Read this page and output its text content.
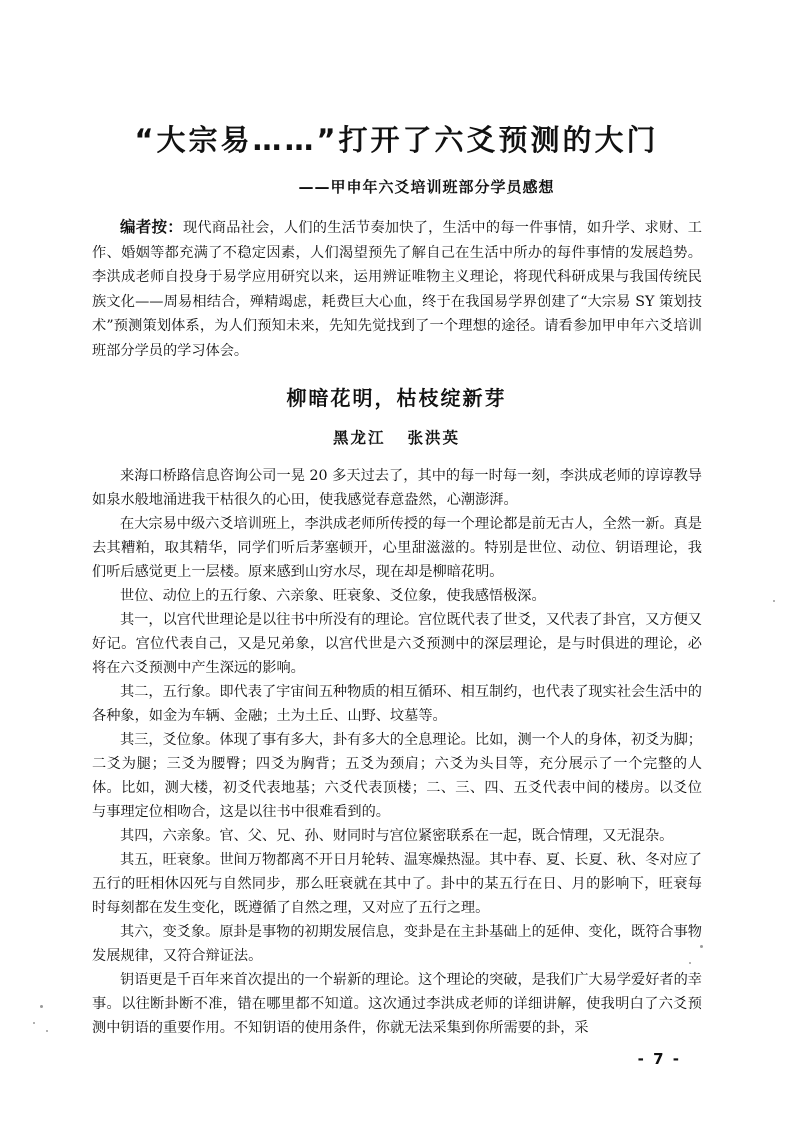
“大宗易……”打开了六爻预测的大门
——甲申年六爻培训班部分学员感想
编者按：现代商品社会，人们的生活节奏加快了，生活中的每一件事情，如升学、求财、工作、婚姻等都充满了不稳定因素，人们渴望预先了解自己在生活中所办的每件事情的发展趋势。李洪成老师自投身于易学应用研究以来，运用辨证唯物主义理论，将现代科研成果与我国传统民族文化——周易相结合，殚精竭虑，耗费巨大心血，终于在我国易学界创建了“大宗易 SY 策划技术”预测策划体系，为人们预知未来，先知先觉找到了一个理想的途径。请看参加甲申年六爻培训班部分学员的学习体会。
柳暗花明，枯枝绽新芽
黑龙江 张洪英

来海口桥路信息咨询公司一晃 20 多天过去了，其中的每一时每一刻，李洪成老师的谆谆教导如泉水般地涌进我干枯很久的心田，使我感觉春意盎然，心潮澎湃。

在大宗易中级六爻培训班上，李洪成老师所传授的每一个理论都是前无古人，全然一新。真是去其糟粕，取其精华，同学们听后茅塞顿开，心里甜滋滋的。特别是世位、动位、钥语理论，我们听后感觉更上一层楼。原来感到山穷水尽，现在却是柳暗花明。

世位、动位上的五行象、六亲象、旺衰象、爻位象，使我感悟极深。

其一，以宫代世理论是以往书中所没有的理论。宫位既代表了世爻，又代表了卦宫，又方便又好记。宫位代表自己，又是兄弟象，以宫代世是六爻预测中的深层理论，是与时俱进的理论，必将在六爻预测中产生深远的影响。

其二，五行象。即代表了宇宙间五种物质的相互循环、相互制约，也代表了现实社会生活中的各种象，如金为车辆、金融；土为土丘、山野、坟墓等。

其三，爻位象。体现了事有多大，卦有多大的全息理论。比如，测一个人的身体，初爻为脚；二爻为腿；三爻为腰臀；四爻为胸背；五爻为颈肩；六爻为头目等，充分展示了一个完整的人体。比如，测大楼，初爻代表地基；六爻代表顶楼；二、三、四、五爻代表中间的楼房。以爻位与事理定位相吻合，这是以往书中很难看到的。

其四，六亲象。官、父、兄、孙、财同时与宫位紧密联系在一起，既合情理，又无混杂。

其五，旺衰象。世间万物都离不开日月轮转、温寒燥热湿。其中春、夏、长夏、秋、冬对应了五行的旺相休囚死与自然同步，那么旺衰就在其中了。卦中的某五行在日、月的影响下，旺衰每时每刻都在发生变化，既遵循了自然之理，又对应了五行之理。

其六，变爻象。原卦是事物的初期发展信息，变卦是在主卦基础上的延伸、变化，既符合事物发展规律，又符合辩证法。

钥语更是千百年来首次提出的一个崭新的理论。这个理论的突破，是我们广大易学爱好者的幸事。以往断卦断不准，错在哪里都不知道。这次通过李洪成老师的详细讲解，使我明白了六爻预测中钥语的重要作用。不知钥语的使用条件，你就无法采集到你所需要的卦，采

- 7 -
